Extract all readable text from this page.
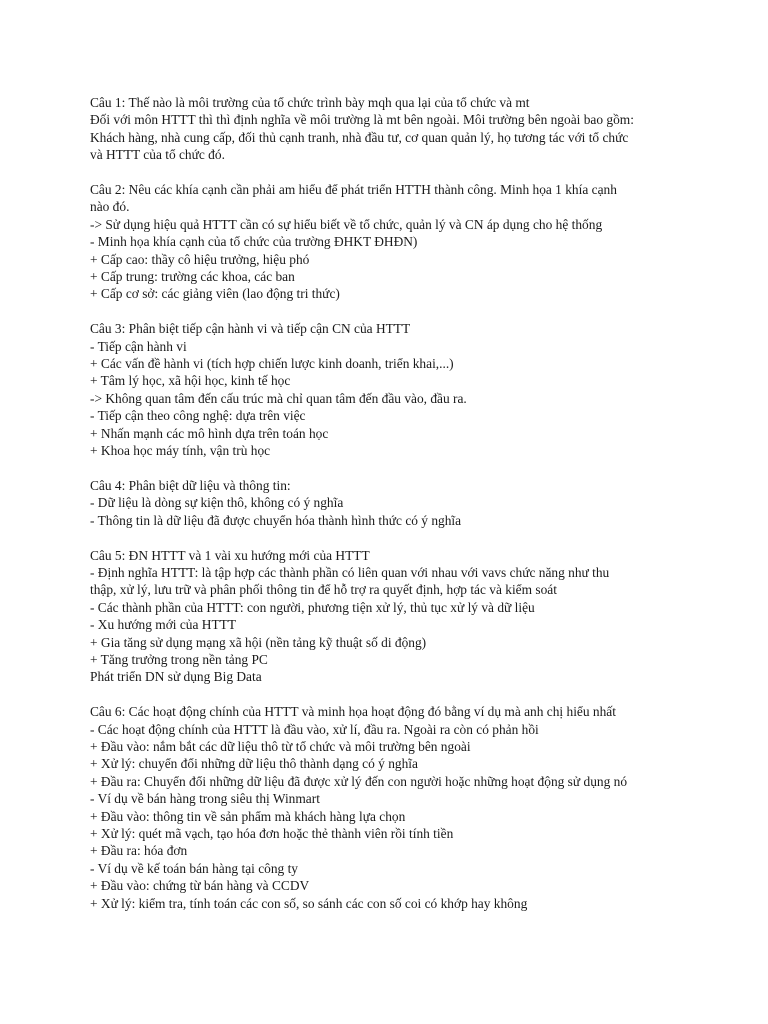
Câu 1: Thế nào là môi trường của tổ chức trình bày mqh qua lại của tổ chức và mt
Đối với môn HTTT thì thì định nghĩa về môi trường là mt bên ngoài. Môi trường bên ngoài bao gồm:
Khách hàng, nhà cung cấp, đối thủ cạnh tranh, nhà đầu tư, cơ quan quản lý, họ tương tác với tổ chức
và HTTT của tổ chức đó.
Câu 2: Nêu các khía cạnh cần phải am hiểu để phát triển HTTH thành công. Minh họa 1 khía cạnh
nào đó.
-> Sử dụng hiệu quả HTTT cần có sự hiểu biết về tổ chức, quản lý và CN áp dụng cho hệ thống
- Minh họa khía cạnh của tổ chức của trường ĐHKT ĐHĐN)
+ Cấp cao: thầy cô hiệu trưởng, hiệu phó
+ Cấp trung: trường các khoa, các ban
+ Cấp cơ sở: các giảng viên (lao động tri thức)
Câu 3: Phân biệt tiếp cận hành vi và tiếp cận CN của HTTT
- Tiếp cận hành vi
+ Các vấn đề hành vi (tích hợp chiến lược kinh doanh, triển khai,...)
+ Tâm lý học, xã hội học, kinh tế học
-> Không quan tâm đến cấu trúc mà chỉ quan tâm đến đầu vào, đầu ra.
- Tiếp cận theo công nghệ: dựa trên việc
+ Nhấn mạnh các mô hình dựa trên toán học
+ Khoa học máy tính, vận trù học
Câu 4: Phân biệt dữ liệu và thông tin:
- Dữ liệu là dòng sự kiện thô, không có ý nghĩa
- Thông tin là dữ liệu đã được chuyển hóa thành hình thức có ý nghĩa
Câu 5: ĐN HTTT và 1 vài xu hướng mới của HTTT
- Định nghĩa HTTT: là tập hợp các thành phần có liên quan với nhau với vavs chức năng như thu
thập, xử lý, lưu trữ và phân phối thông tin để hỗ trợ ra quyết định, hợp tác và kiểm soát
- Các thành phần của HTTT: con người, phương tiện xử lý, thủ tục xử lý và dữ liệu
- Xu hướng mới của HTTT
+ Gia tăng sử dụng mạng xã hội (nền tảng kỹ thuật số di động)
+ Tăng trưởng trong nền tảng PC
Phát triển DN sử dụng Big Data
Câu 6: Các hoạt động chính của HTTT và minh họa hoạt động đó bằng ví dụ mà anh chị hiểu nhất
- Các hoạt động chính của HTTT là đầu vào, xử lí, đầu ra. Ngoài ra còn có phản hồi
+ Đầu vào: nắm bắt các dữ liệu thô từ tổ chức và môi trường bên ngoài
+ Xử lý: chuyển đổi những dữ liệu thô thành dạng có ý nghĩa
+ Đầu ra: Chuyển đổi những dữ liệu đã được xử lý đến con người hoặc những hoạt động sử dụng nó
- Ví dụ về bán hàng trong siêu thị Winmart
+ Đầu vào: thông tin về sản phẩm mà khách hàng lựa chọn
+ Xử lý: quét mã vạch, tạo hóa đơn hoặc thẻ thành viên rồi tính tiền
+ Đầu ra: hóa đơn
- Ví dụ về kế toán bán hàng tại công ty
+ Đầu vào: chứng từ bán hàng và CCDV
+ Xử lý: kiểm tra, tính toán các con số, so sánh các con số coi có khớp hay không
